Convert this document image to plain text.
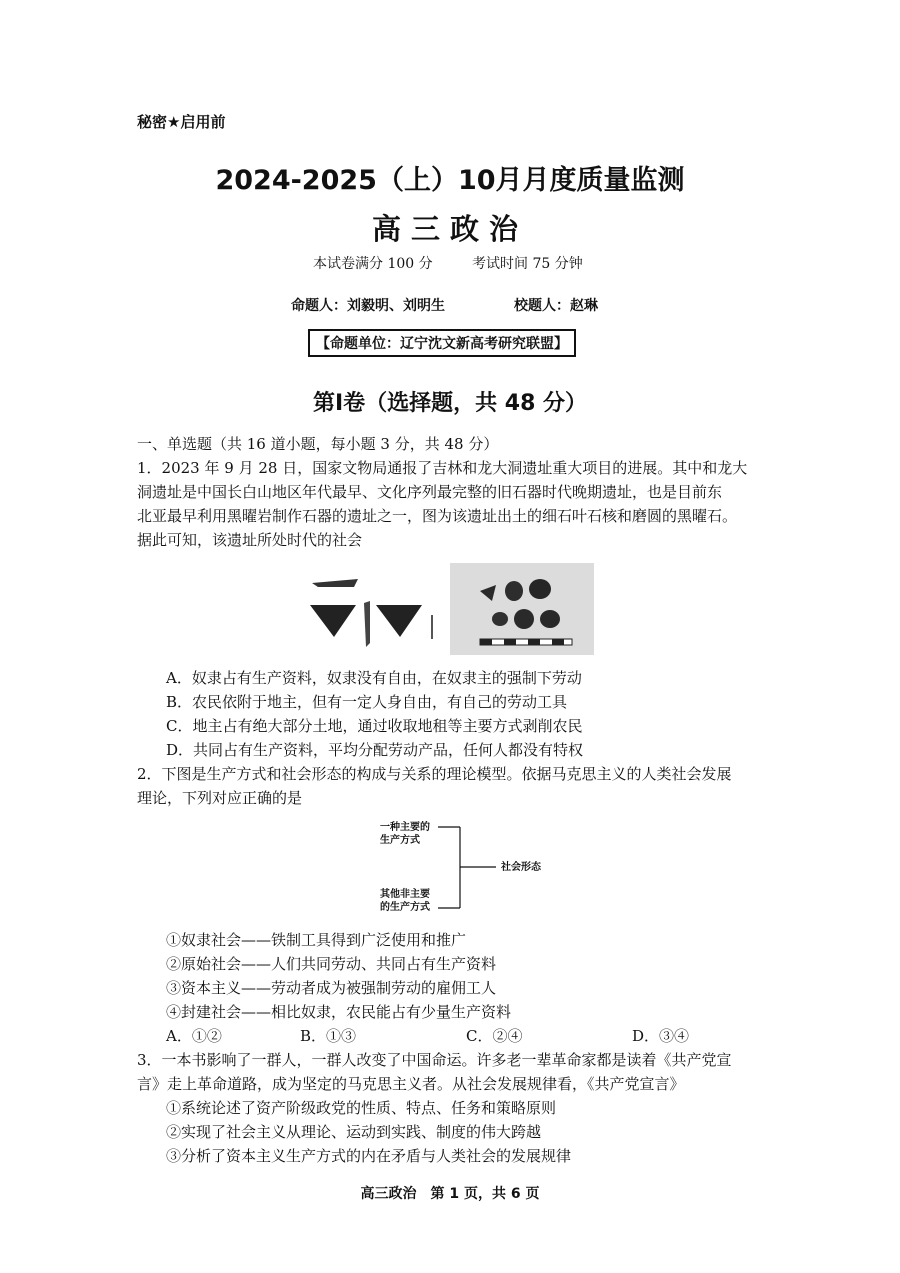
秘密★启用前
2024-2025（上）10月月度质量监测
高三政治
本试卷满分 100 分	考试时间 75 分钟
命题人：刘毅明、刘明生	校题人：赵琳
【命题单位：辽宁沈文新高考研究联盟】
第Ⅰ卷（选择题，共 48 分）
一、单选题（共 16 道小题，每小题 3 分，共 48 分）
1．2023 年 9 月 28 日，国家文物局通报了吉林和龙大洞遗址重大项目的进展。其中和龙大
洞遗址是中国长白山地区年代最早、文化序列最完整的旧石器时代晚期遗址，也是目前东
北亚最早利用黑曜岩制作石器的遗址之一，图为该遗址出土的细石叶石核和磨圆的黑曜石。
据此可知，该遗址所处时代的社会
A．奴隶占有生产资料，奴隶没有自由，在奴隶主的强制下劳动
B．农民依附于地主，但有一定人身自由，有自己的劳动工具
C．地主占有绝大部分土地，通过收取地租等主要方式剥削农民
D．共同占有生产资料，平均分配劳动产品，任何人都没有特权
2．下图是生产方式和社会形态的构成与关系的理论模型。依据马克思主义的人类社会发展
理论，下列对应正确的是
一种主要的
生产方式
其他非主要
的生产方式
社会形态
①奴隶社会——铁制工具得到广泛使用和推广
②原始社会——人们共同劳动、共同占有生产资料
③资本主义——劳动者成为被强制劳动的雇佣工人
④封建社会——相比奴隶，农民能占有少量生产资料
A．①②	B．①③	C．②④	D．③④
3．一本书影响了一群人，一群人改变了中国命运。许多老一辈革命家都是读着《共产党宣
言》走上革命道路，成为坚定的马克思主义者。从社会发展规律看，《共产党宣言》
①系统论述了资产阶级政党的性质、特点、任务和策略原则
②实现了社会主义从理论、运动到实践、制度的伟大跨越
③分析了资本主义生产方式的内在矛盾与人类社会的发展规律
高三政治　第 1 页，共 6 页
